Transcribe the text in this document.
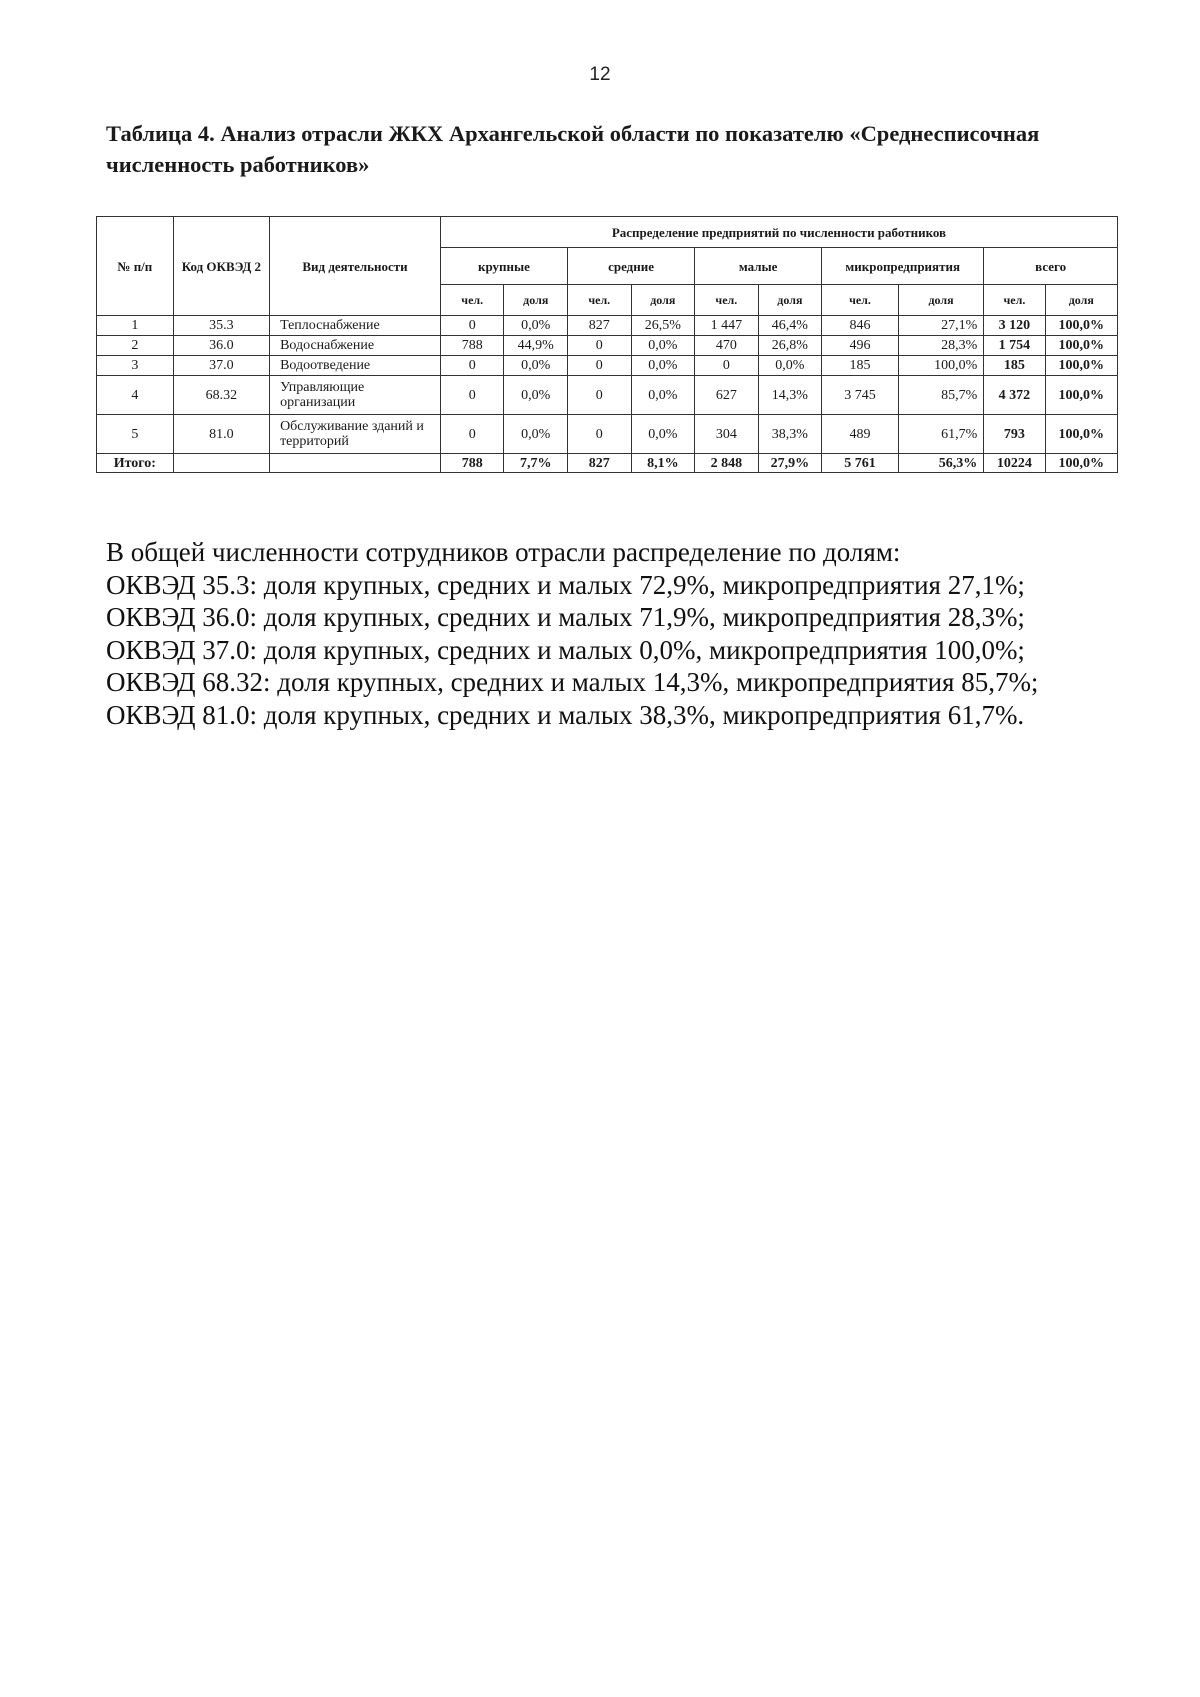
12
Таблица 4. Анализ отрасли ЖКХ Архангельской области по показателю «Среднесписочная численность работников»
№ п/п	Код ОКВЭД 2	Вид деятельности	Распределение предприятий по численности работников									
			крупные		средние		малые		микропредприятия		всего	
			чел.	доля	чел.	доля	чел.	доля	чел.	доля	чел.	доля
1	35.3	Теплоснабжение	0	0,0%	827	26,5%	1 447	46,4%	846	27,1%	3 120	100,0%
2	36.0	Водоснабжение	788	44,9%	0	0,0%	470	26,8%	496	28,3%	1 754	100,0%
3	37.0	Водоотведение	0	0,0%	0	0,0%	0	0,0%	185	100,0%	185	100,0%
4	68.32	Управляющие организации	0	0,0%	0	0,0%	627	14,3%	3 745	85,7%	4 372	100,0%
5	81.0	Обслуживание зданий и территорий	0	0,0%	0	0,0%	304	38,3%	489	61,7%	793	100,0%
Итого:			788	7,7%	827	8,1%	2 848	27,9%	5 761	56,3%	10224	100,0%

В общей численности сотрудников отрасли распределение по долям:

ОКВЭД 35.3: доля крупных, средних и малых 72,9%, микропредприятия 27,1%;

ОКВЭД 36.0: доля крупных, средних и малых 71,9%, микропредприятия 28,3%;

ОКВЭД 37.0: доля крупных, средних и малых 0,0%, микропредприятия 100,0%;

ОКВЭД 68.32: доля крупных, средних и малых 14,3%, микропредприятия 85,7%;

ОКВЭД 81.0: доля крупных, средних и малых 38,3%, микропредприятия 61,7%.
